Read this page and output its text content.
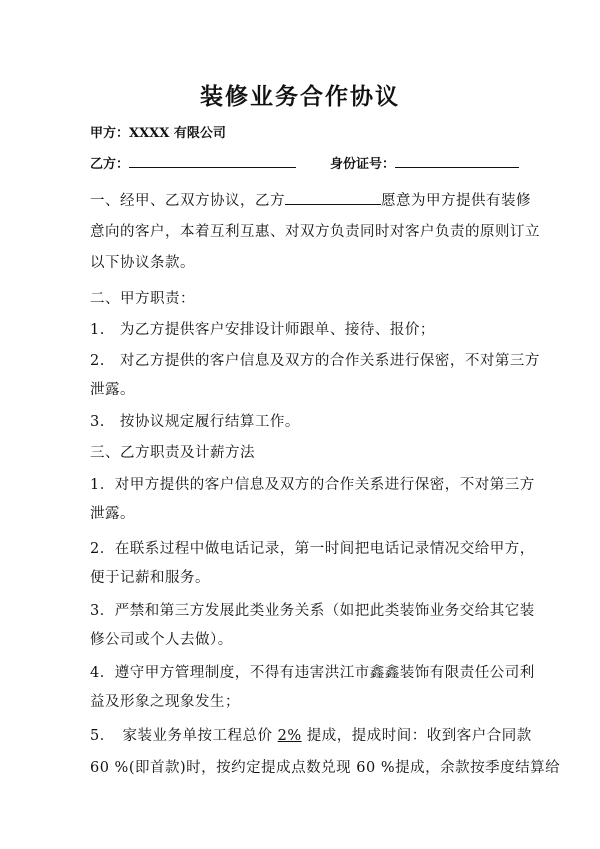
装修业务合作协议
甲方：XXXX 有限公司
乙方：	身份证号：
一、经甲、乙双方协议，乙方	愿意为甲方提供有装修
意向的客户，本着互利互惠、对双方负责同时对客户负责的原则订立
以下协议条款。
二、甲方职责：
1.　为乙方提供客户安排设计师跟单、接待、报价；
2.　对乙方提供的客户信息及双方的合作关系进行保密，不对第三方
泄露。
3.　按协议规定履行结算工作。
三、乙方职责及计薪方法
1．对甲方提供的客户信息及双方的合作关系进行保密，不对第三方
泄露。
2．在联系过程中做电话记录，第一时间把电话记录情况交给甲方，
便于记薪和服务。
3．严禁和第三方发展此类业务关系（如把此类装饰业务交给其它装
修公司或个人去做）。
4．遵守甲方管理制度，不得有违害洪江市鑫鑫装饰有限责任公司利
益及形象之现象发生；
5．　家装业务单按工程总价 2% 提成，提成时间：收到客户合同款
60 %(即首款)时，按约定提成点数兑现 60 %提成，余款按季度结算给
